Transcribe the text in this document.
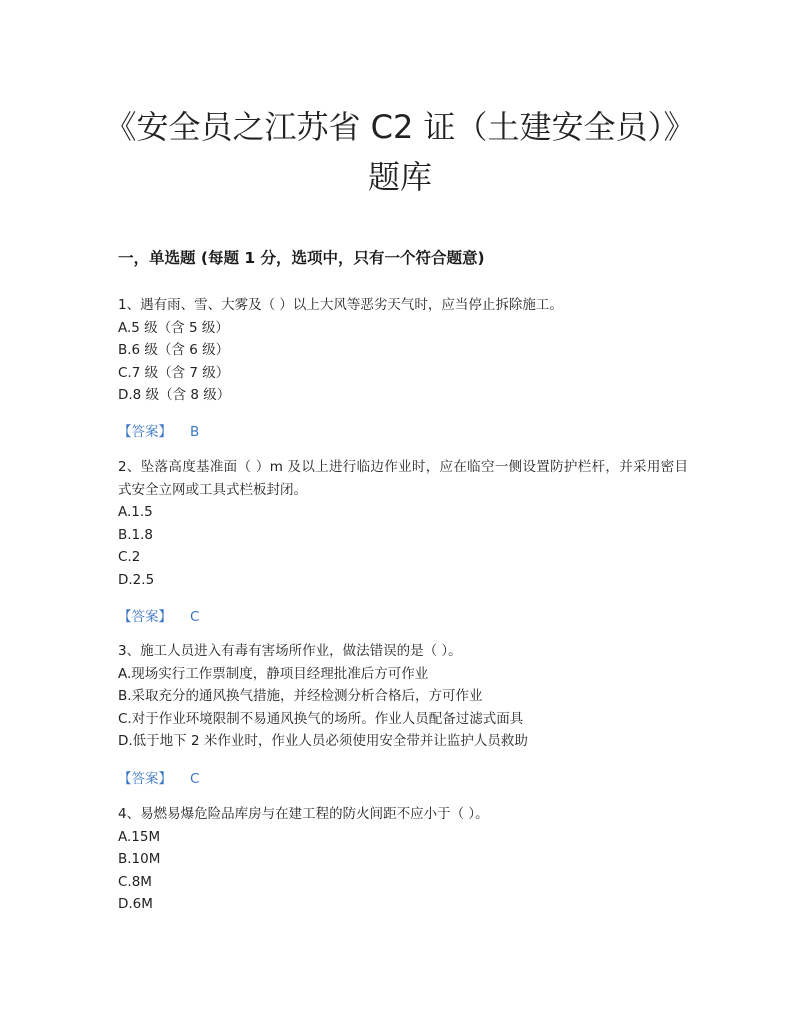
《安全员之江苏省 C2 证（土建安全员）》题库
一，单选题 (每题 1 分，选项中，只有一个符合题意)

1、遇有雨、雪、大雾及（ ）以上大风等恶劣天气时，应当停止拆除施工。

A.5 级（含 5 级）

B.6 级（含 6 级）

C.7 级（含 7 级）

D.8 级（含 8 级）

【答案】 B

2、坠落高度基准面（ ）m 及以上进行临边作业时，应在临空一侧设置防护栏杆，并采用密目式安全立网或工具式栏板封闭。

A.1.5

B.1.8

C.2

D.2.5

【答案】 C

3、施工人员进入有毒有害场所作业，做法错误的是（ ）。

A.现场实行工作票制度，静项目经理批准后方可作业

B.采取充分的通风换气措施，并经检测分析合格后，方可作业

C.对于作业环境限制不易通风换气的场所。作业人员配备过滤式面具

D.低于地下 2 米作业时，作业人员必须使用安全带并让监护人员救助

【答案】 C

4、易燃易爆危险品库房与在建工程的防火间距不应小于（ ）。

A.15M

B.10M

C.8M

D.6M
